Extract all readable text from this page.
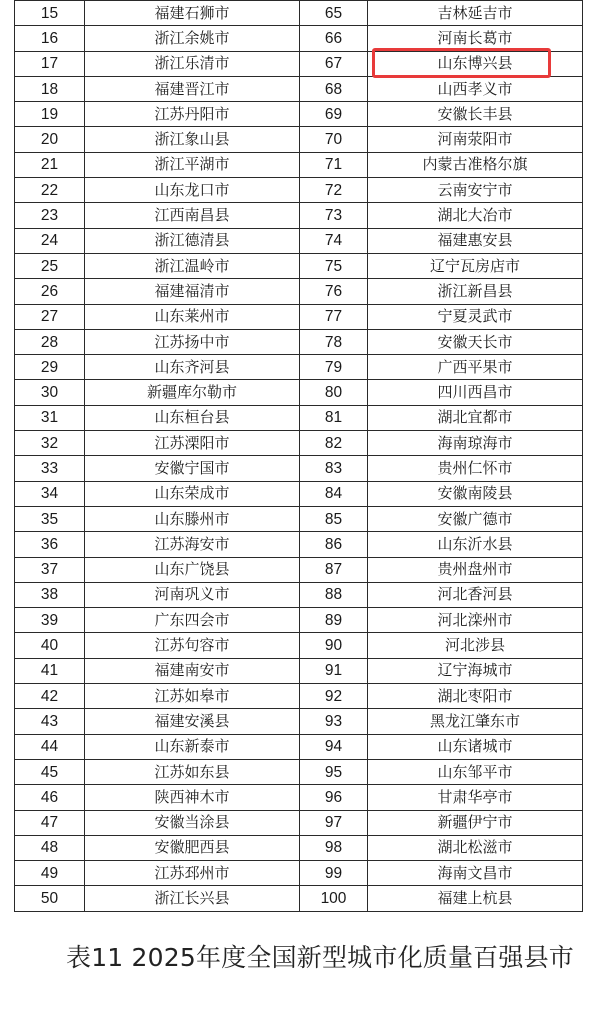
15	福建石狮市	65	吉林延吉市
16	浙江余姚市	66	河南长葛市
17	浙江乐清市	67	山东博兴县
18	福建晋江市	68	山西孝义市
19	江苏丹阳市	69	安徽长丰县
20	浙江象山县	70	河南荥阳市
21	浙江平湖市	71	内蒙古准格尔旗
22	山东龙口市	72	云南安宁市
23	江西南昌县	73	湖北大冶市
24	浙江德清县	74	福建惠安县
25	浙江温岭市	75	辽宁瓦房店市
26	福建福清市	76	浙江新昌县
27	山东莱州市	77	宁夏灵武市
28	江苏扬中市	78	安徽天长市
29	山东齐河县	79	广西平果市
30	新疆库尔勒市	80	四川西昌市
31	山东桓台县	81	湖北宜都市
32	江苏溧阳市	82	海南琼海市
33	安徽宁国市	83	贵州仁怀市
34	山东荣成市	84	安徽南陵县
35	山东滕州市	85	安徽广德市
36	江苏海安市	86	山东沂水县
37	山东广饶县	87	贵州盘州市
38	河南巩义市	88	河北香河县
39	广东四会市	89	河北滦州市
40	江苏句容市	90	河北涉县
41	福建南安市	91	辽宁海城市
42	江苏如皋市	92	湖北枣阳市
43	福建安溪县	93	黑龙江肇东市
44	山东新泰市	94	山东诸城市
45	江苏如东县	95	山东邹平市
46	陕西神木市	96	甘肃华亭市
47	安徽当涂县	97	新疆伊宁市
48	安徽肥西县	98	湖北松滋市
49	江苏邳州市	99	海南文昌市
50	浙江长兴县	100	福建上杭县
表11 2025年度全国新型城市化质量百强县市
